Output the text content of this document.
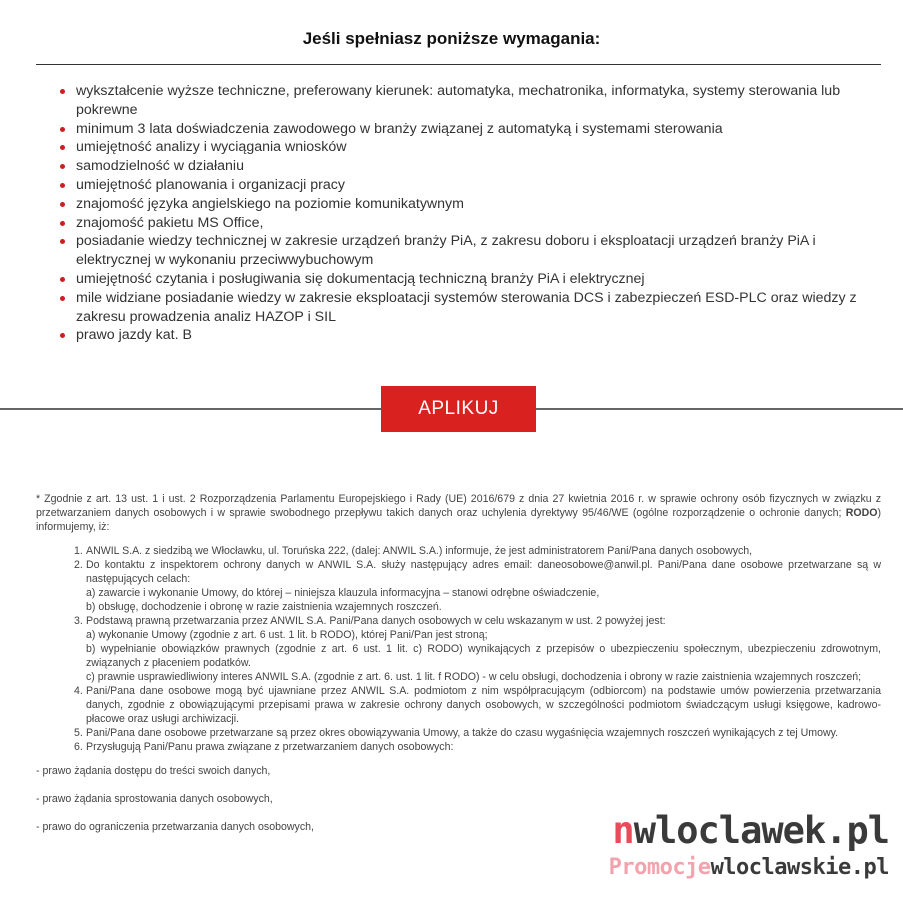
Jeśli spełniasz poniższe wymagania:
wykształcenie wyższe techniczne, preferowany kierunek: automatyka, mechatronika, informatyka, systemy sterowania lub pokrewne
minimum 3 lata doświadczenia zawodowego w branży związanej z automatyką i systemami sterowania
umiejętność analizy i wyciągania wniosków
samodzielność w działaniu
umiejętność planowania i organizacji pracy
znajomość języka angielskiego na poziomie komunikatywnym
znajomość pakietu MS Office,
posiadanie wiedzy technicznej w zakresie urządzeń branży PiA, z zakresu doboru i eksploatacji urządzeń branży PiA i elektrycznej w wykonaniu przeciwwybuchowym
umiejętność czytania i posługiwania się dokumentacją techniczną branży PiA i elektrycznej
mile widziane posiadanie wiedzy w zakresie eksploatacji systemów sterowania DCS i zabezpieczeń ESD-PLC oraz wiedzy z zakresu prowadzenia analiz HAZOP i SIL
prawo jazdy kat. B
APLIKUJ

* Zgodnie z art. 13 ust. 1 i ust. 2 Rozporządzenia Parlamentu Europejskiego i Rady (UE) 2016/679 z dnia 27 kwietnia 2016 r. w sprawie ochrony osób fizycznych w związku z przetwarzaniem danych osobowych i w sprawie swobodnego przepływu takich danych oraz uchylenia dyrektywy 95/46/WE (ogólne rozporządzenie o ochronie danych; RODO) informujemy, iż:

1. ANWIL S.A. z siedzibą we Włocławku, ul. Toruńska 222, (dalej: ANWIL S.A.) informuje, że jest administratorem Pani/Pana danych osobowych,
2. Do kontaktu z inspektorem ochrony danych w ANWIL S.A. służy następujący adres email: daneosobowe@anwil.pl. Pani/Pana dane osobowe przetwarzane są w następujących celach:
a) zawarcie i wykonanie Umowy, do której – niniejsza klauzula informacyjna – stanowi odrębne oświadczenie,
b) obsługę, dochodzenie i obronę w razie zaistnienia wzajemnych roszczeń.
3. Podstawą prawną przetwarzania przez ANWIL S.A. Pani/Pana danych osobowych w celu wskazanym w ust. 2 powyżej jest:
a) wykonanie Umowy (zgodnie z art. 6 ust. 1 lit. b RODO), której Pani/Pan jest stroną;
b) wypełnianie obowiązków prawnych (zgodnie z art. 6 ust. 1 lit. c) RODO) wynikających z przepisów o ubezpieczeniu społecznym, ubezpieczeniu zdrowotnym, związanych z płaceniem podatków.
c) prawnie usprawiedliwiony interes ANWIL S.A. (zgodnie z art. 6. ust. 1 lit. f RODO) - w celu obsługi, dochodzenia i obrony w razie zaistnienia wzajemnych roszczeń;
4. Pani/Pana dane osobowe mogą być ujawniane przez ANWIL S.A. podmiotom z nim współpracującym (odbiorcom) na podstawie umów powierzenia przetwarzania danych, zgodnie z obowiązującymi przepisami prawa w zakresie ochrony danych osobowych, w szczególności podmiotom świadczącym usługi księgowe, kadrowo-płacowe oraz usługi archiwizacji.
5. Pani/Pana dane osobowe przetwarzane są przez okres obowiązywania Umowy, a także do czasu wygaśnięcia wzajemnych roszczeń wynikających z tej Umowy.
6. Przysługują Pani/Panu prawa związane z przetwarzaniem danych osobowych:
- prawo żądania dostępu do treści swoich danych,
- prawo żądania sprostowania danych osobowych,
- prawo do ograniczenia przetwarzania danych osobowych,	nwloclawek.pl
Promocjewloclawskie.pl
